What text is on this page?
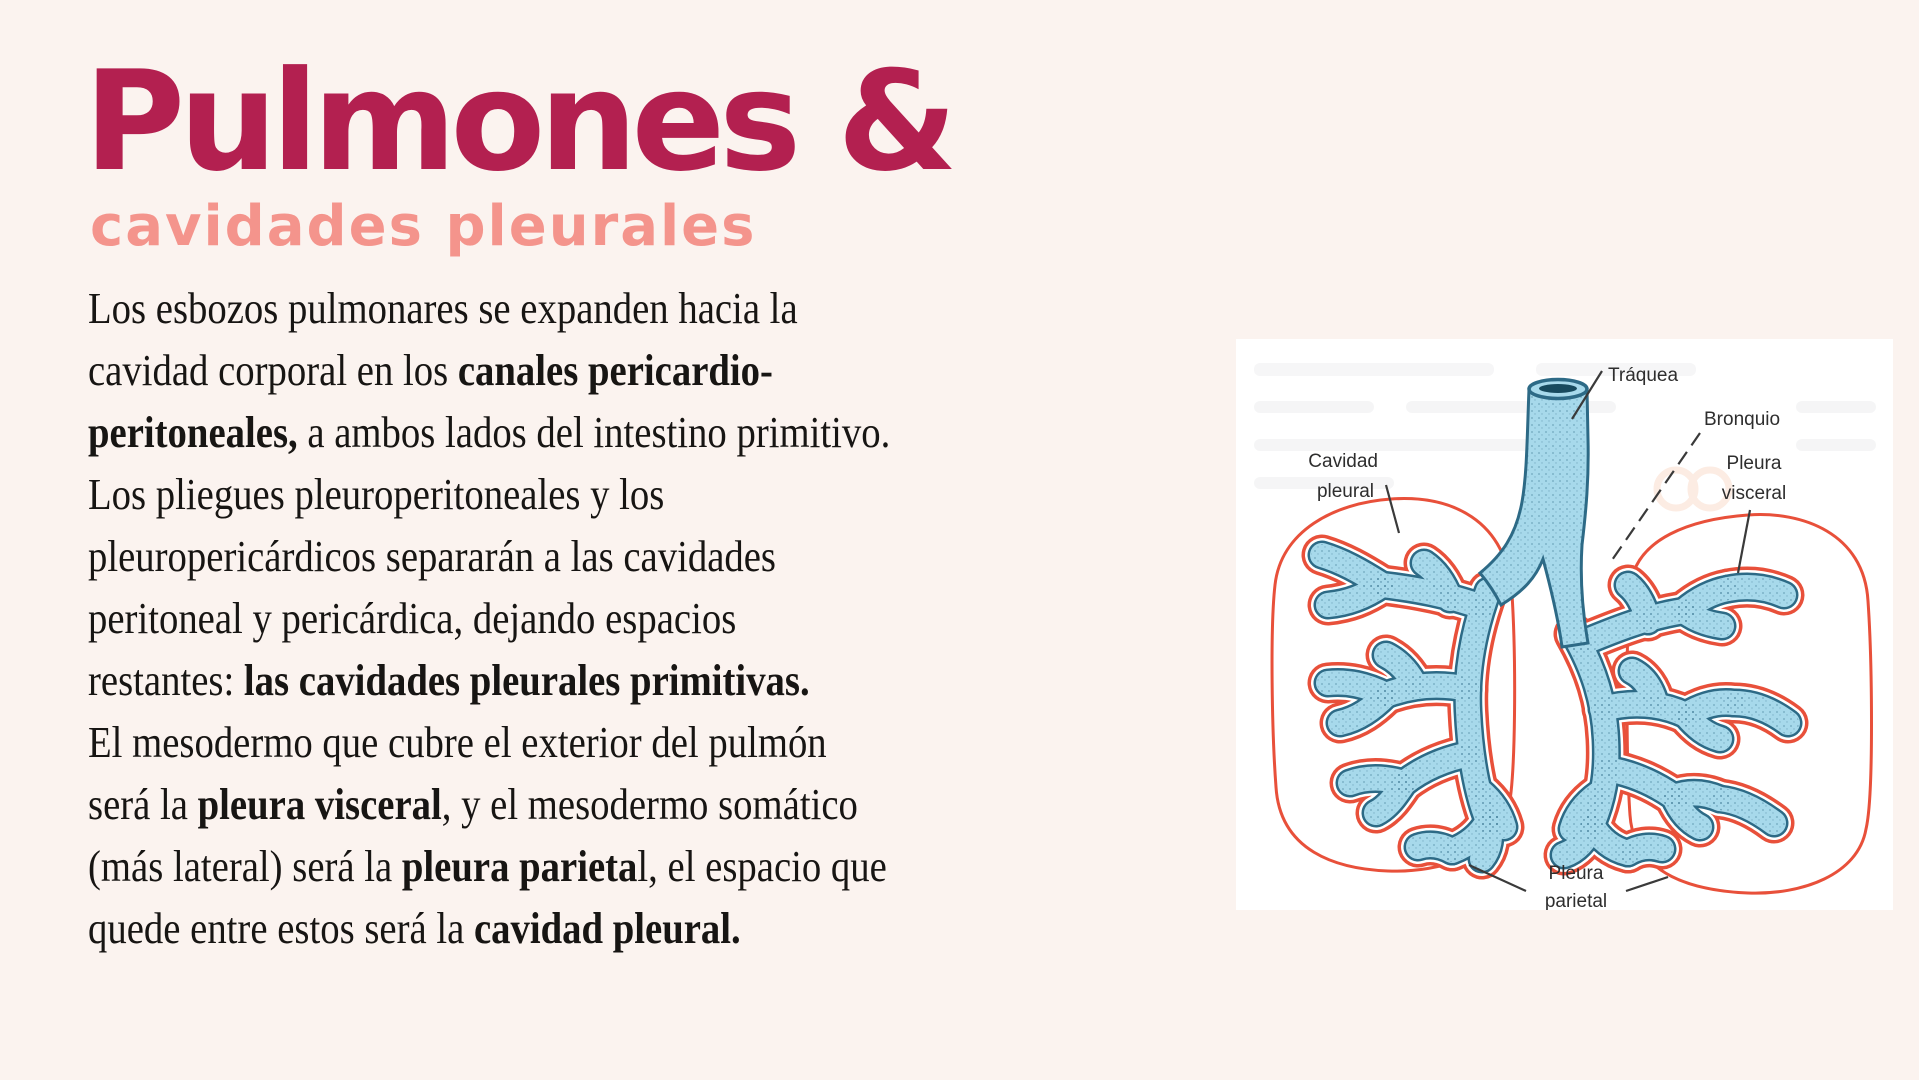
Pulmones &
cavidades pleurales
Los esbozos pulmonares se expanden hacia la
cavidad corporal en los canales pericardio-
peritoneales, a ambos lados del intestino primitivo.
Los pliegues pleuroperitoneales y los
pleuropericárdicos separarán a las cavidades
peritoneal y pericárdica, dejando espacios
restantes: las cavidades pleurales primitivas.
El mesodermo que cubre el exterior del pulmón
será la pleura visceral, y el mesodermo somático
(más lateral) será la pleura parietal, el espacio que
quede entre estos será la cavidad pleural.
Tráquea
Bronquio
Pleura
visceral
Cavidad
pleural
Pleura
parietal
